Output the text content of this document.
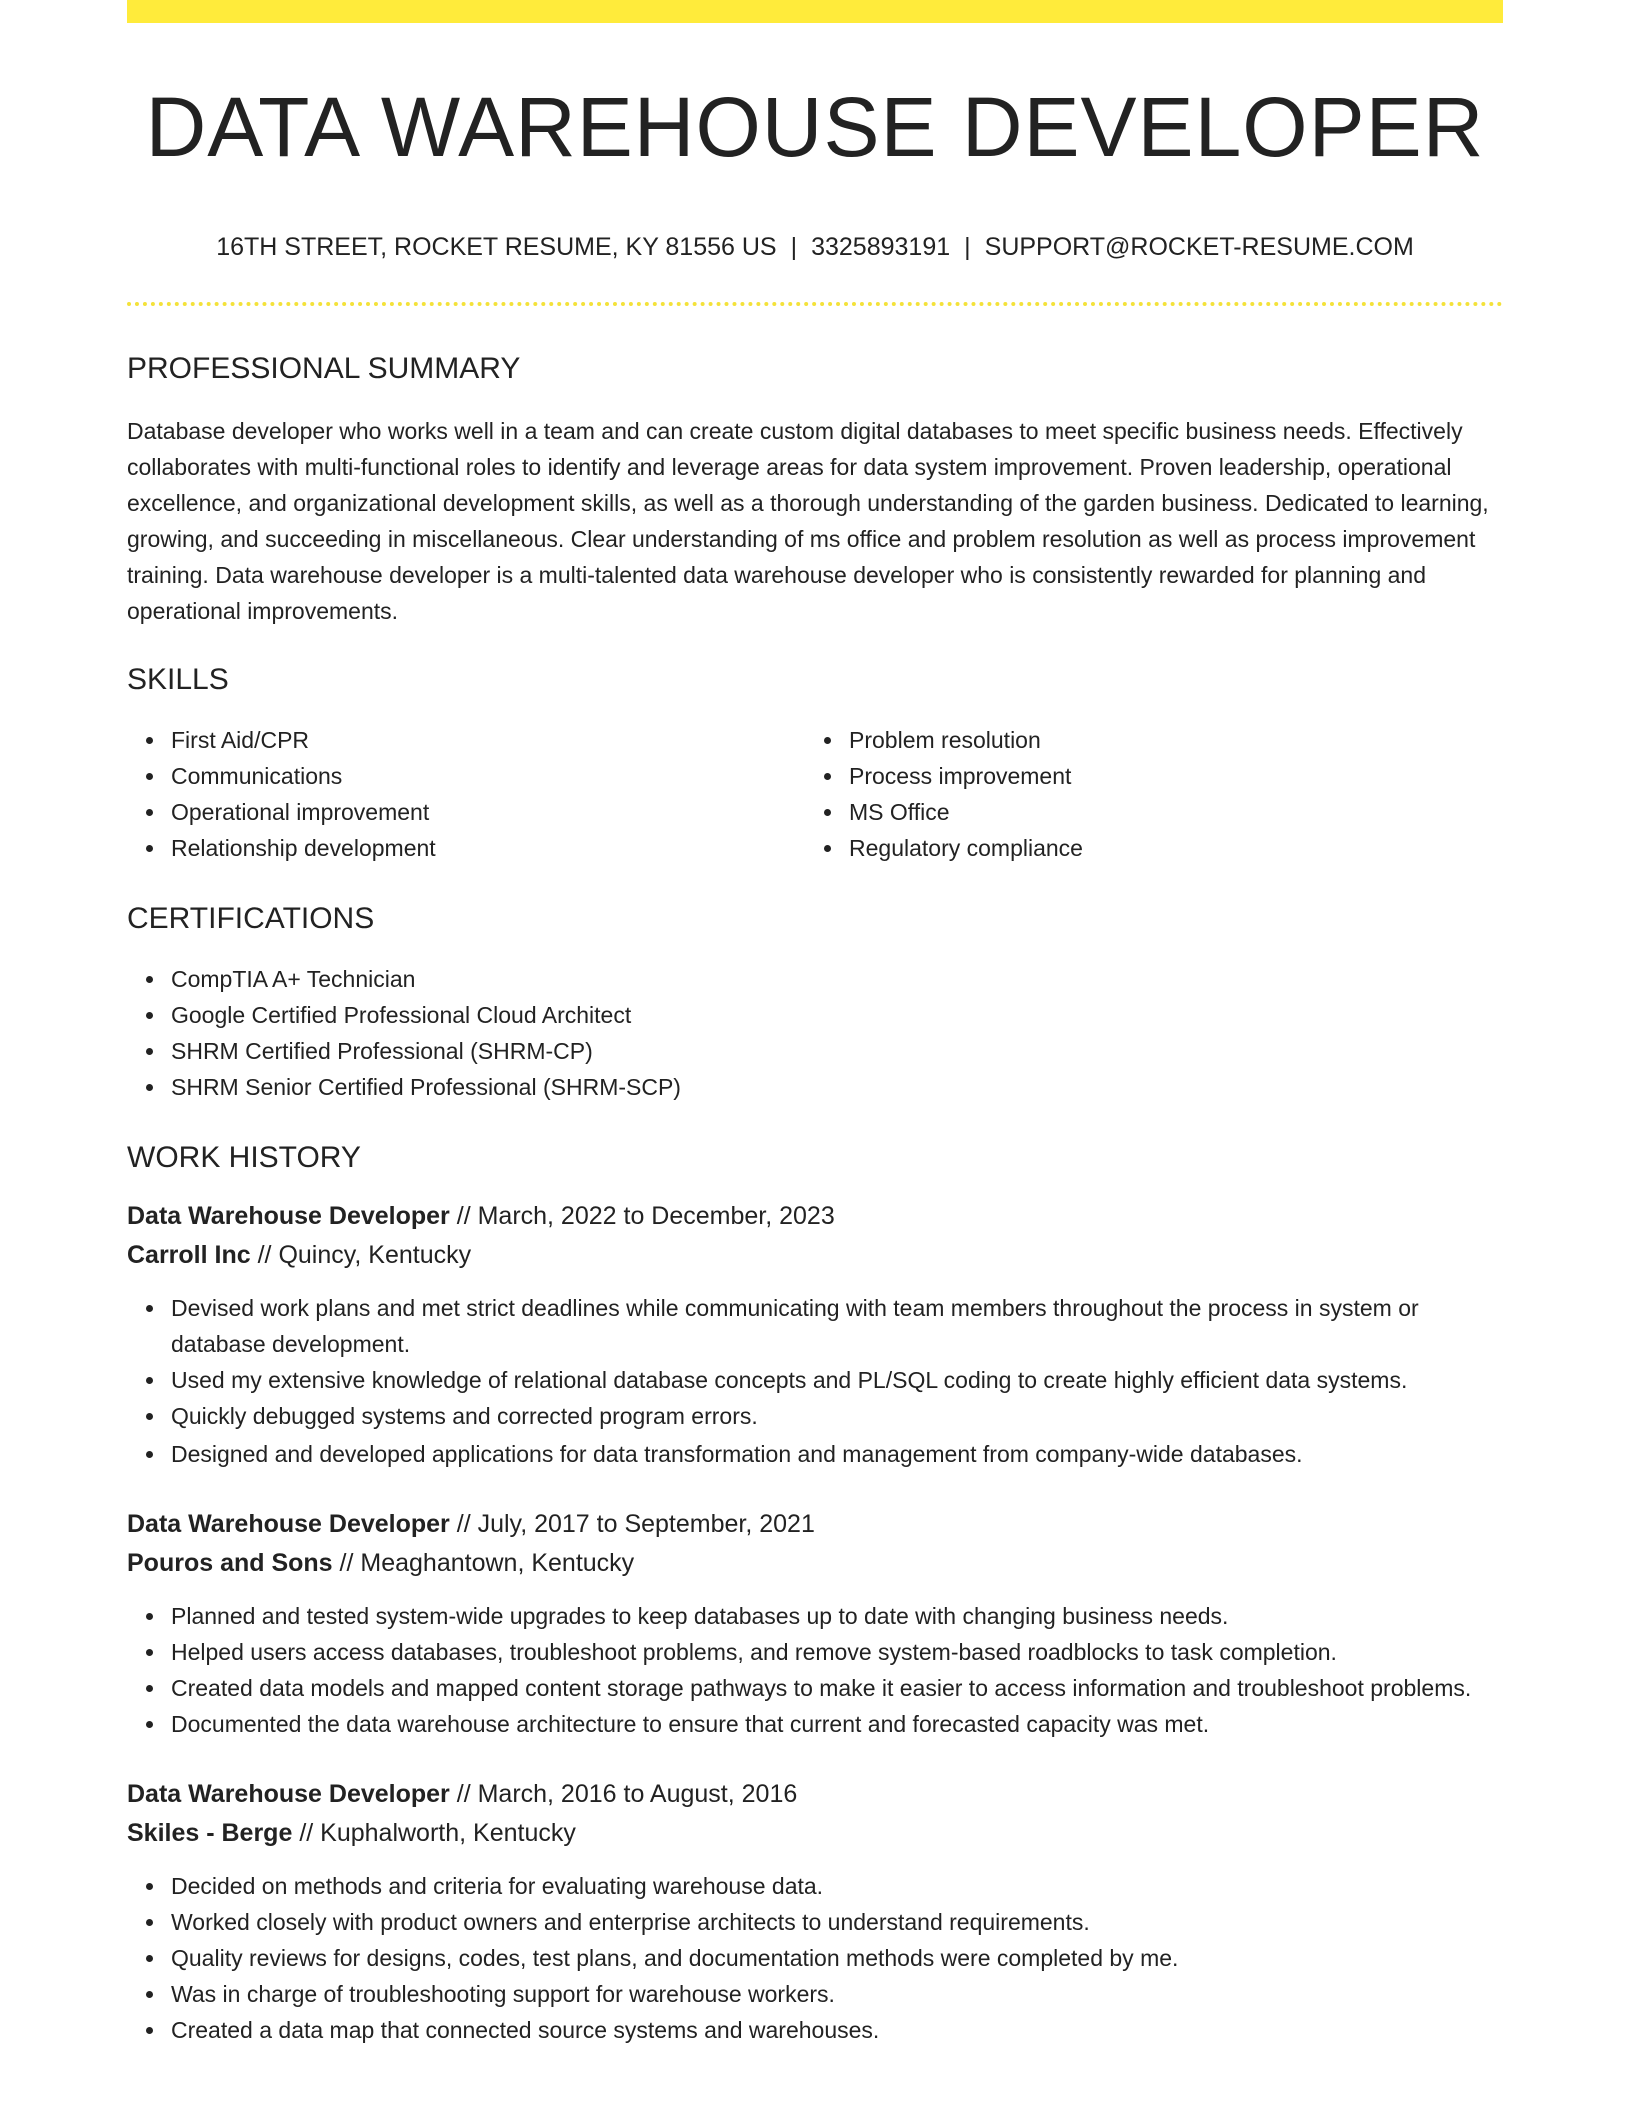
DATA WAREHOUSE DEVELOPER
16TH STREET, ROCKET RESUME, KY 81556 US | 3325893191 | SUPPORT@ROCKET-RESUME.COM
PROFESSIONAL SUMMARY

Database developer who works well in a team and can create custom digital databases to meet specific business needs. Effectively collaborates with multi-functional roles to identify and leverage areas for data system improvement. Proven leadership, operational excellence, and organizational development skills, as well as a thorough understanding of the garden business. Dedicated to learning, growing, and succeeding in miscellaneous. Clear understanding of ms office and problem resolution as well as process improvement training. Data warehouse developer is a multi-talented data warehouse developer who is consistently rewarded for planning and operational improvements.

SKILLS
First Aid/CPR
Communications
Operational improvement
Relationship development
Problem resolution
Process improvement
MS Office
Regulatory compliance
CERTIFICATIONS
CompTIA A+ Technician
Google Certified Professional Cloud Architect
SHRM Certified Professional (SHRM-CP)
SHRM Senior Certified Professional (SHRM-SCP)
WORK HISTORY
Data Warehouse Developer // March, 2022 to December, 2023
Carroll Inc // Quincy, Kentucky
Devised work plans and met strict deadlines while communicating with team members throughout the process in system or database development.
Used my extensive knowledge of relational database concepts and PL/SQL coding to create highly efficient data systems.
Quickly debugged systems and corrected program errors.
Designed and developed applications for data transformation and management from company-wide databases.
Data Warehouse Developer // July, 2017 to September, 2021
Pouros and Sons // Meaghantown, Kentucky
Planned and tested system-wide upgrades to keep databases up to date with changing business needs.
Helped users access databases, troubleshoot problems, and remove system-based roadblocks to task completion.
Created data models and mapped content storage pathways to make it easier to access information and troubleshoot problems.
Documented the data warehouse architecture to ensure that current and forecasted capacity was met.
Data Warehouse Developer // March, 2016 to August, 2016
Skiles - Berge // Kuphalworth, Kentucky
Decided on methods and criteria for evaluating warehouse data.
Worked closely with product owners and enterprise architects to understand requirements.
Quality reviews for designs, codes, test plans, and documentation methods were completed by me.
Was in charge of troubleshooting support for warehouse workers.
Created a data map that connected source systems and warehouses.
